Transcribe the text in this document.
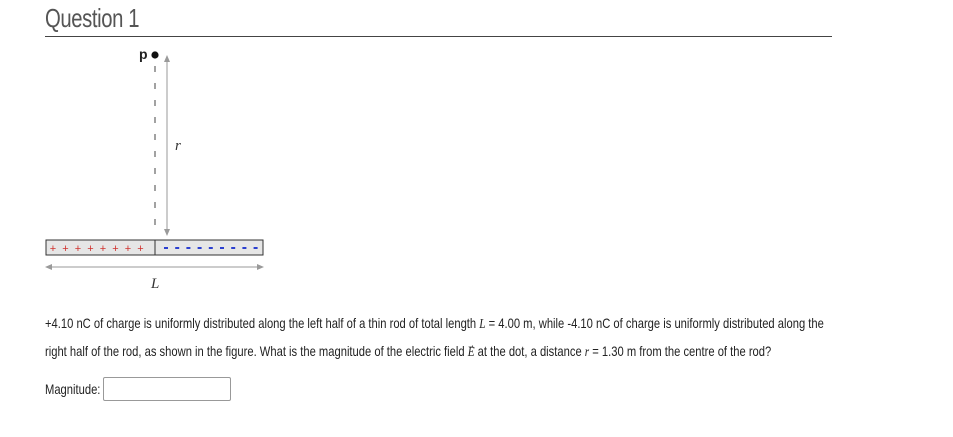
Question 1
p
r
+ + + + + + + +
L
+4.10 nC of charge is uniformly distributed along the left half of a thin rod of total length L = 4.00 m, while -4.10 nC of charge is uniformly distributed along the
right half of the rod, as shown in the figure. What is the magnitude of the electric field → E at the dot, a distance r = 1.30 m from the centre of the rod?
Magnitude:
